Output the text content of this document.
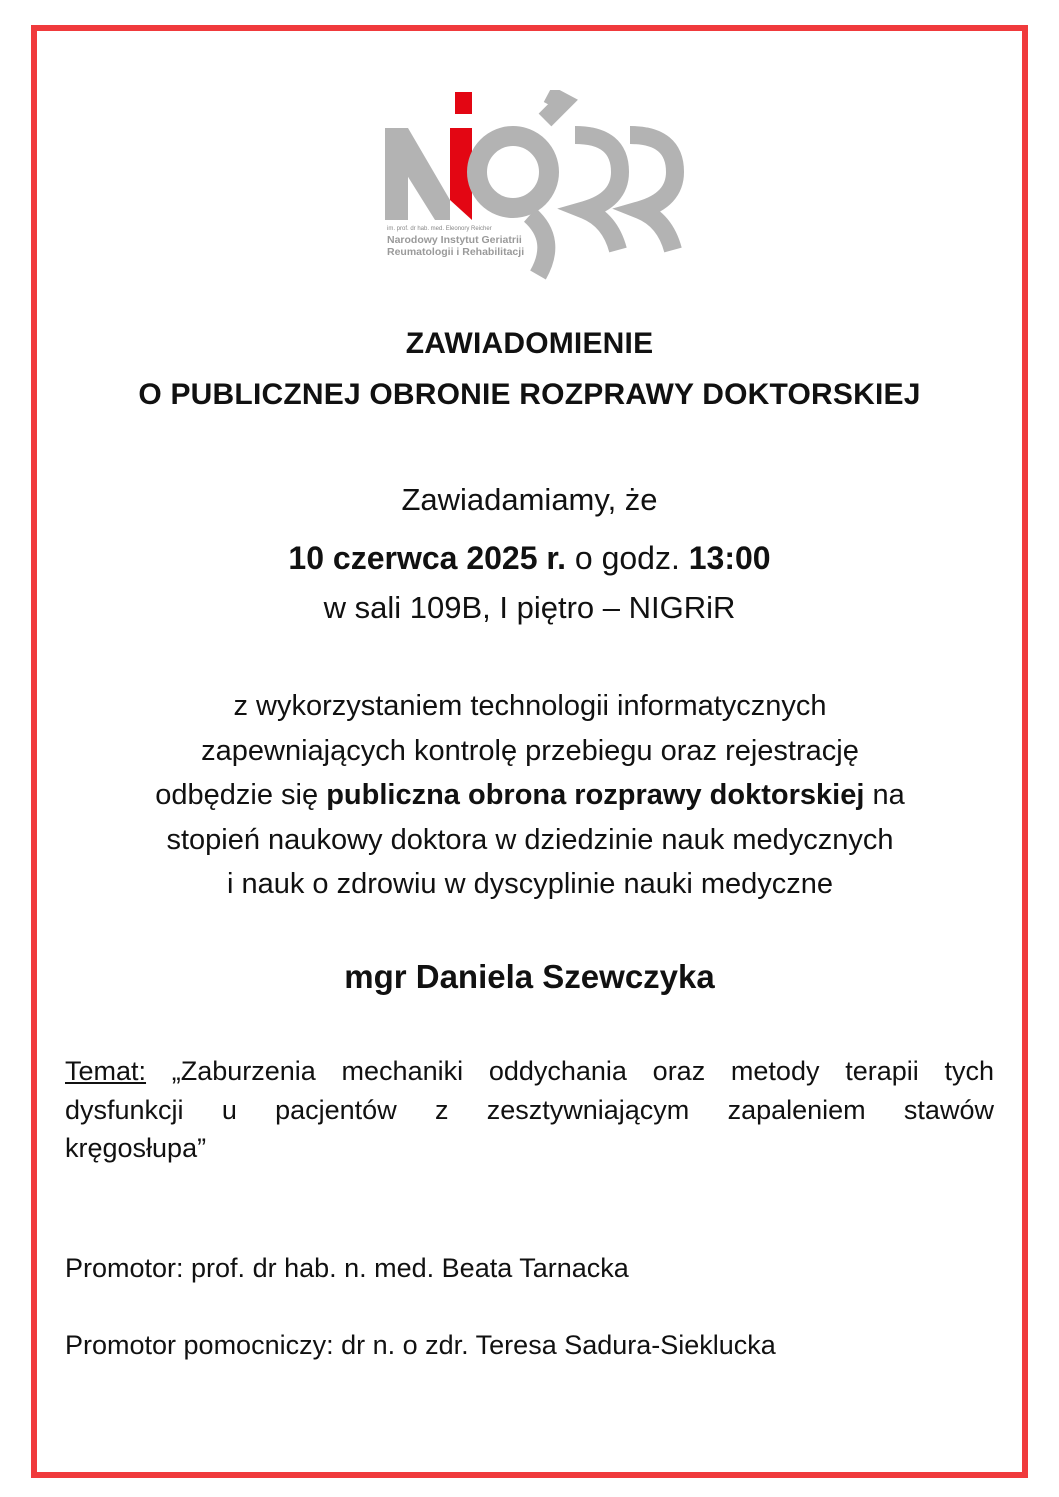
im. prof. dr hab. med. Eleonory Reicher
Narodowy Instytut Geriatrii
Reumatologii i Rehabilitacji
ZAWIADOMIENIE
O PUBLICZNEJ OBRONIE ROZPRAWY DOKTORSKIEJ
Zawiadamiamy, że
10 czerwca 2025 r. o godz. 13:00
w sali 109B, I piętro – NIGRiR
z wykorzystaniem technologii informatycznych
zapewniających kontrolę przebiegu oraz rejestrację
odbędzie się publiczna obrona rozprawy doktorskiej na
stopień naukowy doktora w dziedzinie nauk medycznych
i nauk o zdrowiu w dyscyplinie nauki medyczne
mgr Daniela Szewczyka
Temat: „Zaburzenia mechaniki oddychania oraz metody terapii tych
dysfunkcji u pacjentów z zesztywniającym zapaleniem stawów
kręgosłupa”
Promotor: prof. dr hab. n. med. Beata Tarnacka
Promotor pomocniczy: dr n. o zdr. Teresa Sadura-Sieklucka
